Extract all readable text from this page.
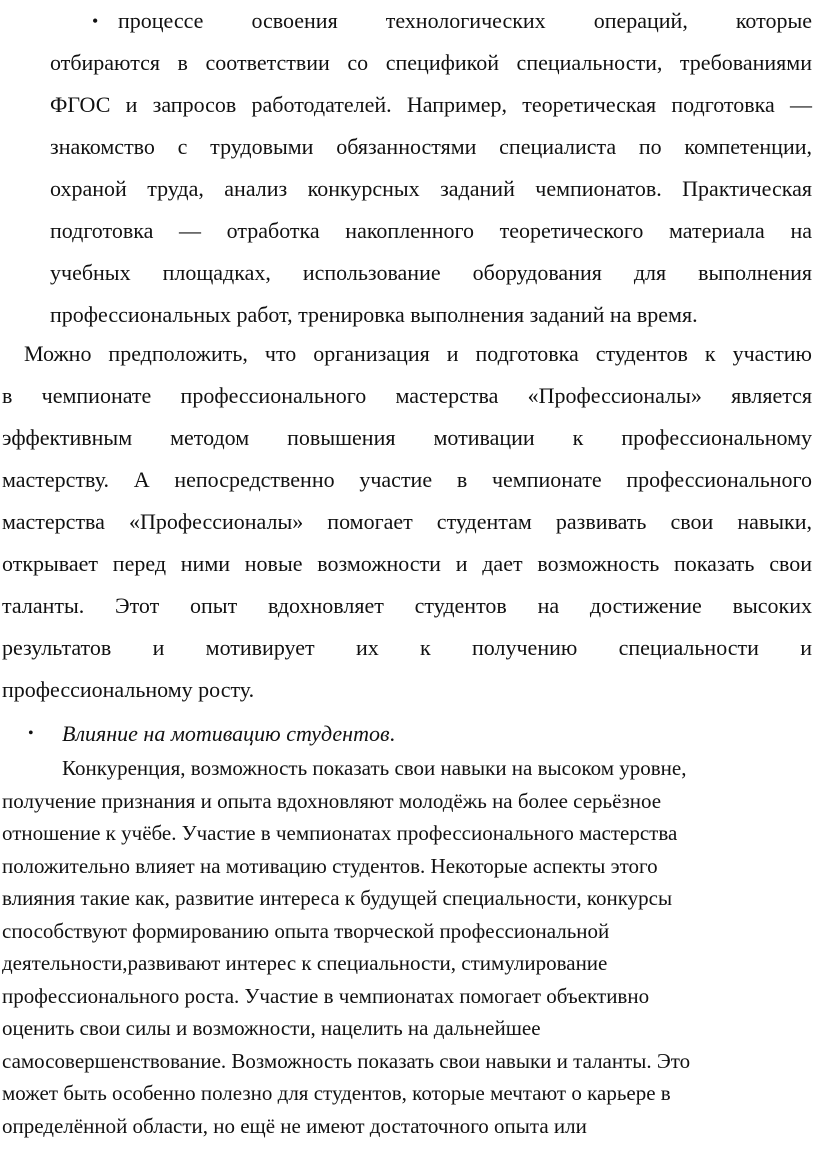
• процессе освоения технологических операций, которые
отбираются в соответствии со спецификой специальности, требованиями
ФГОС и запросов работодателей. Например, теоретическая подготовка —
знакомство с трудовыми обязанностями специалиста по компетенции,
охраной труда, анализ конкурсных заданий чемпионатов. Практическая
подготовка — отработка накопленного теоретического материала на
учебных площадках, использование оборудования для выполнения
профессиональных работ, тренировка выполнения заданий на время.
Можно предположить, что организация и подготовка студентов к участию
в чемпионате профессионального мастерства «Профессионалы» является
эффективным методом повышения мотивации к профессиональному
мастерству. А непосредственно участие в чемпионате профессионального
мастерства «Профессионалы» помогает студентам развивать свои навыки,
открывает перед ними новые возможности и дает возможность показать свои
таланты. Этот опыт вдохновляет студентов на достижение высоких
результатов и мотивирует их к получению специальности и
профессиональному росту.
•	Влияние на мотивацию студентов.
Конкуренция, возможность показать свои навыки на высоком уровне,
получение признания и опыта вдохновляют молодёжь на более серьёзное
отношение к учёбе. Участие в чемпионатах профессионального мастерства
положительно влияет на мотивацию студентов. Некоторые аспекты этого
влияния такие как, развитие интереса к будущей специальности, конкурсы
способствуют формированию опыта творческой профессиональной
деятельности,развивают интерес к специальности, стимулирование
профессионального роста. Участие в чемпионатах помогает объективно
оценить свои силы и возможности, нацелить на дальнейшее
самосовершенствование. Возможность показать свои навыки и таланты. Это
может быть особенно полезно для студентов, которые мечтают о карьере в
определённой области, но ещё не имеют достаточного опыта или
